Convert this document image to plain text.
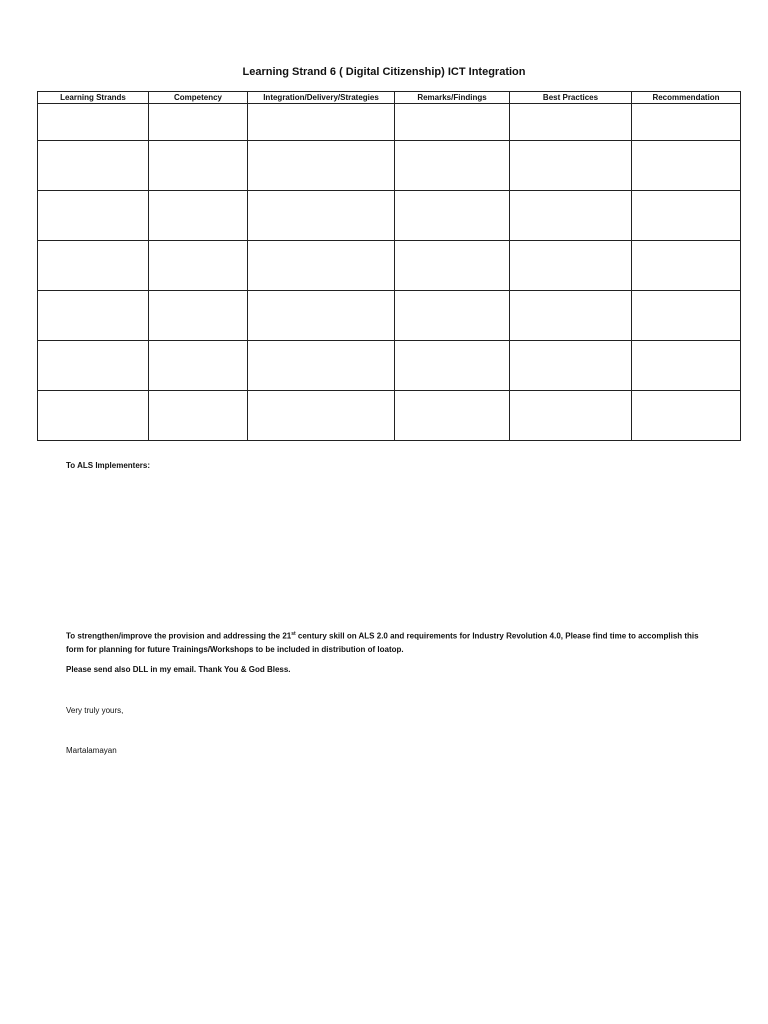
Learning Strand 6 ( Digital Citizenship) ICT Integration
Learning Strands	Competency	Integration/Delivery/Strategies	Remarks/Findings	Best Practices	Recommendation

To ALS Implementers:
To strengthen/improve the provision and addressing the 21st century skill on ALS 2.0 and requirements for Industry Revolution 4.0, Please find time to accomplish this form for planning for future Trainings/Workshops to be included in distribution of loatop.
Please send also DLL in my email. Thank You & God Bless.
Very truly yours,
Martalamayan
